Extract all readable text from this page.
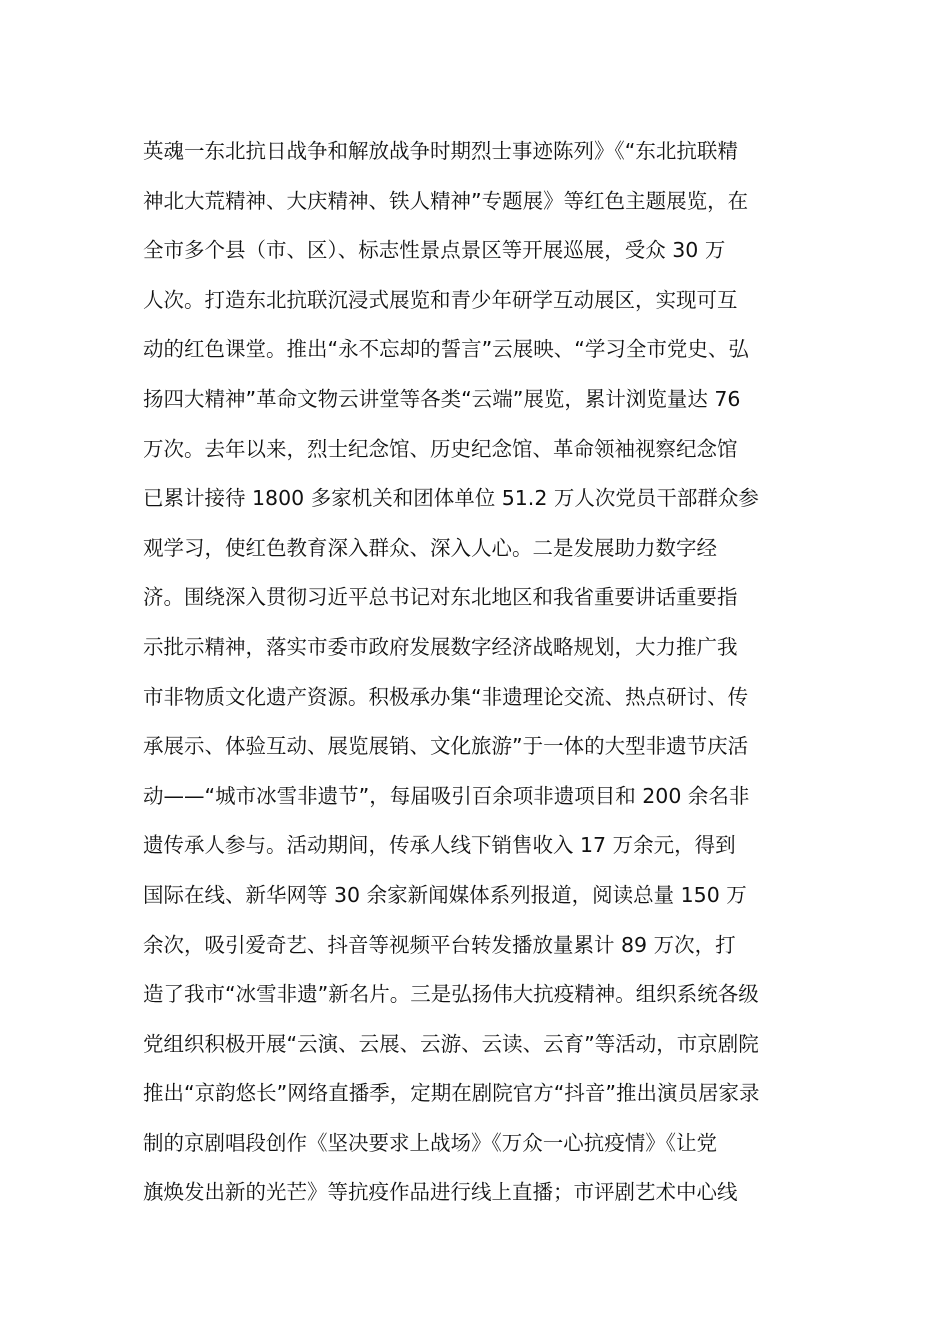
英魂一东北抗日战争和解放战争时期烈士事迹陈列》《“东北抗联精
神北大荒精神、大庆精神、铁人精神”专题展》等红色主题展览，在
全市多个县（市、区）、标志性景点景区等开展巡展，受众 30 万
人次。打造东北抗联沉浸式展览和青少年研学互动展区，实现可互
动的红色课堂。推出“永不忘却的誓言”云展映、“学习全市党史、弘
扬四大精神”革命文物云讲堂等各类“云端”展览，累计浏览量达 76
万次。去年以来，烈士纪念馆、历史纪念馆、革命领袖视察纪念馆
已累计接待 1800 多家机关和团体单位 51.2 万人次党员干部群众参
观学习，使红色教育深入群众、深入人心。二是发展助力数字经
济。围绕深入贯彻习近平总书记对东北地区和我省重要讲话重要指
示批示精神，落实市委市政府发展数字经济战略规划，大力推广我
市非物质文化遗产资源。积极承办集“非遗理论交流、热点研讨、传
承展示、体验互动、展览展销、文化旅游”于一体的大型非遗节庆活
动——“城市冰雪非遗节”，每届吸引百余项非遗项目和 200 余名非
遗传承人参与。活动期间，传承人线下销售收入 17 万余元，得到
国际在线、新华网等 30 余家新闻媒体系列报道，阅读总量 150 万
余次，吸引爱奇艺、抖音等视频平台转发播放量累计 89 万次，打
造了我市“冰雪非遗”新名片。三是弘扬伟大抗疫精神。组织系统各级
党组织积极开展“云演、云展、云游、云读、云育”等活动，市京剧院
推出“京韵悠长”网络直播季，定期在剧院官方“抖音”推出演员居家录
制的京剧唱段创作《坚决要求上战场》《万众一心抗疫情》《让党
旗焕发出新的光芒》等抗疫作品进行线上直播；市评剧艺术中心线
